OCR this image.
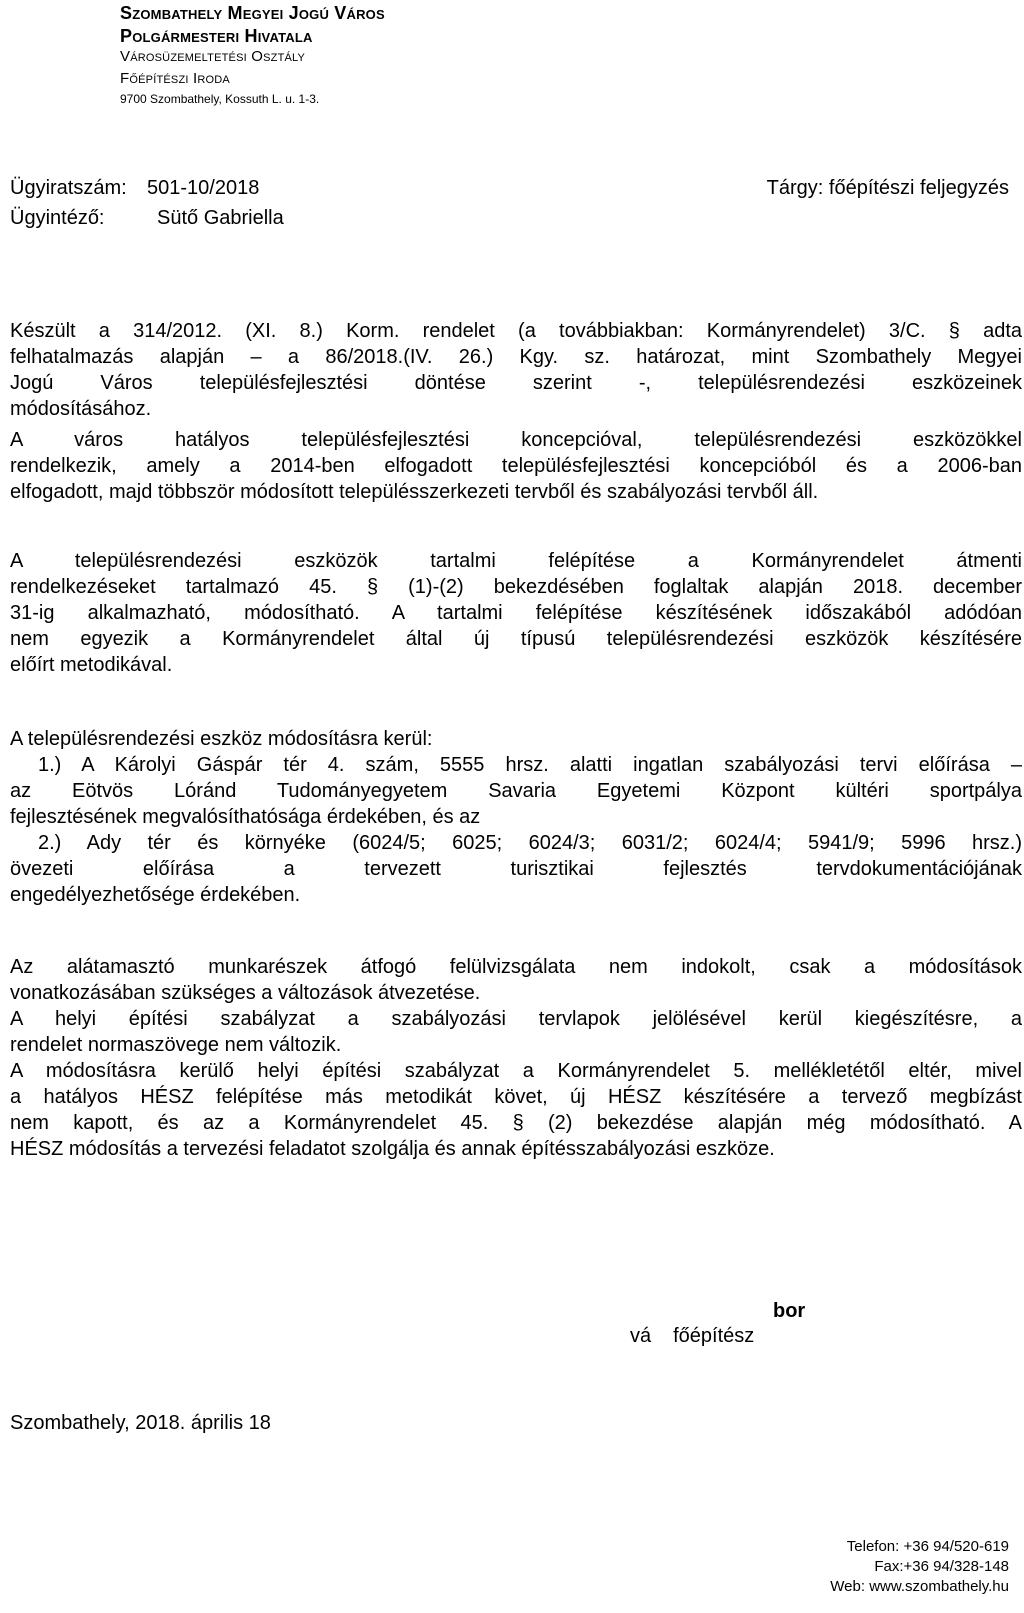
Szombathely Megyei Jogú Város
Polgármesteri Hivatala
Városüzemeltetési Osztály
Főépítészi Iroda
9700 Szombathely, Kossuth L. u. 1-3.
Ügyiratszám:	501-10/2018
Ügyintéző:	Sütő Gabriella
Tárgy: főépítészi feljegyzés
Készült a 314/2012. (XI. 8.) Korm. rendelet (a továbbiakban: Kormányrendelet) 3/C. § adta
felhatalmazás alapján – a 86/2018.(IV. 26.) Kgy. sz. határozat, mint Szombathely Megyei
Jogú Város településfejlesztési döntése szerint -, településrendezési eszközeinek
módosításához.
A város hatályos településfejlesztési koncepcióval, településrendezési eszközökkel
rendelkezik, amely a 2014-ben elfogadott településfejlesztési koncepcióból és a 2006-ban
elfogadott, majd többször módosított településszerkezeti tervből és szabályozási tervből áll.
A településrendezési eszközök tartalmi felépítése a Kormányrendelet átmenti
rendelkezéseket tartalmazó 45. § (1)-(2) bekezdésében foglaltak alapján 2018. december
31-ig alkalmazható, módosítható. A tartalmi felépítése készítésének időszakából adódóan
nem egyezik a Kormányrendelet által új típusú településrendezési eszközök készítésére
előírt metodikával.
A településrendezési eszköz módosításra kerül:
1.) A Károlyi Gáspár tér 4. szám, 5555 hrsz. alatti ingatlan szabályozási tervi előírása –
az Eötvös Lóránd Tudományegyetem Savaria Egyetemi Központ kültéri sportpálya
fejlesztésének megvalósíthatósága érdekében, és az
2.) Ady tér és környéke (6024/5; 6025; 6024/3; 6031/2; 6024/4; 5941/9; 5996 hrsz.)
övezeti előírása a tervezett turisztikai fejlesztés tervdokumentációjának
engedélyezhetősége érdekében.
Az alátamasztó munkarészek átfogó felülvizsgálata nem indokolt, csak a módosítások
vonatkozásában szükséges a változások átvezetése.
A helyi építési szabályzat a szabályozási tervlapok jelölésével kerül kiegészítésre, a
rendelet normaszövege nem változik.
A módosításra kerülő helyi építési szabályzat a Kormányrendelet 5. mellékletétől eltér, mivel
a hatályos HÉSZ felépítése más metodikát követ, új HÉSZ készítésére a tervező megbízást
nem kapott, és az a Kormányrendelet 45. § (2) bekezdése alapján még módosítható. A
HÉSZ módosítás a tervezési feladatot szolgálja és annak építésszabályozási eszköze.
Szombathely, 2018. április 18
bor
vá főépítész
Telefon: +36 94/520-619
Fax:+36 94/328-148
Web: www.szombathely.hu
